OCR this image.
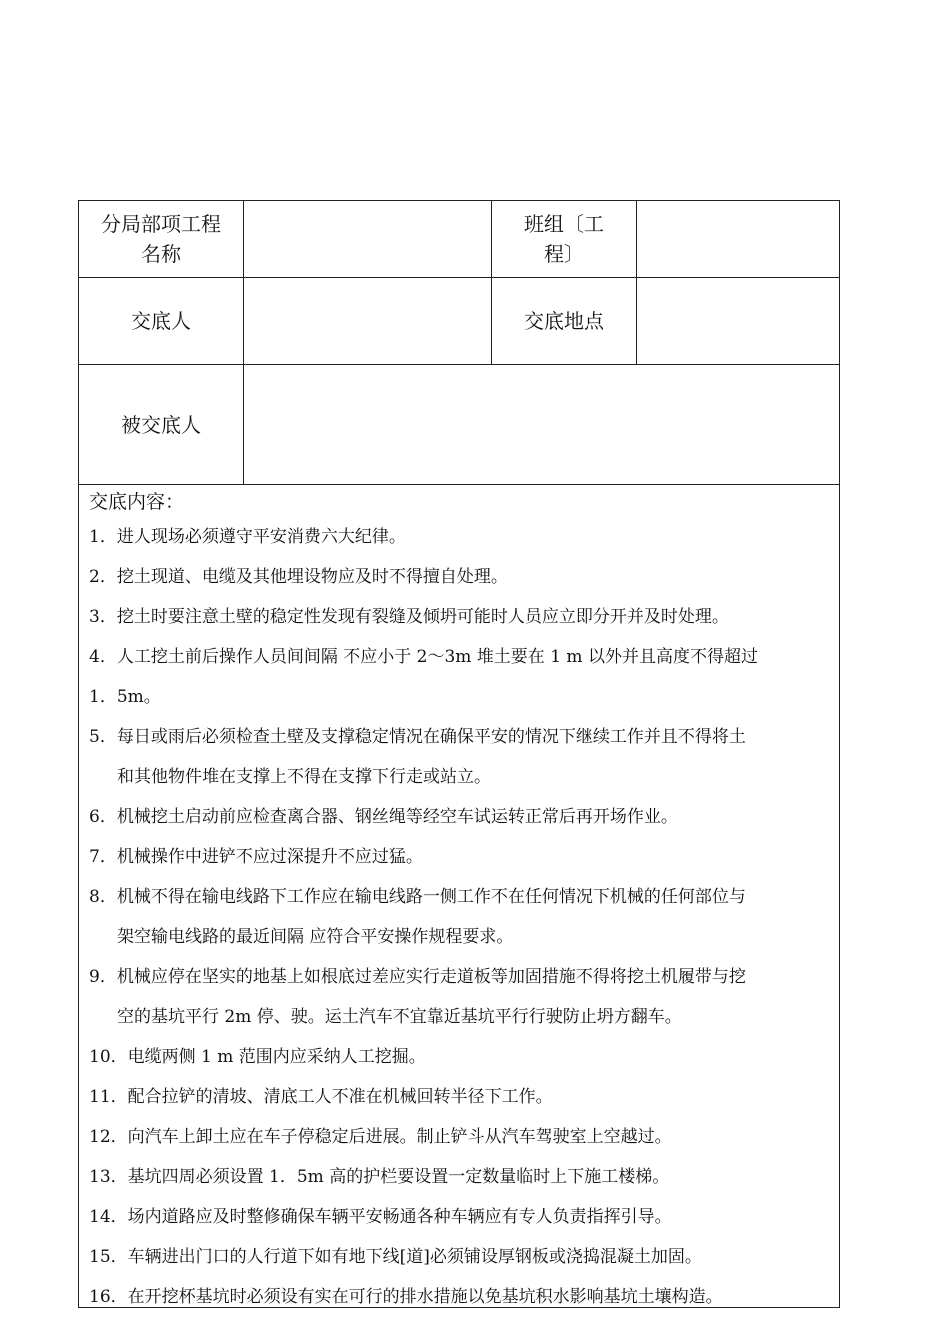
分局部项工程
名称
班组〔工
程〕
交底人	交底地点
被交底人
交底内容：
1．进人现场必须遵守平安消费六大纪律。
2．挖土现道、电缆及其他埋设物应及时不得擅自处理。
3．挖土时要注意土壁的稳定性发现有裂缝及倾坍可能时人员应立即分开并及时处理。
4．人工挖土前后操作人员间间隔 不应小于 2～3m 堆土要在 1 m 以外并且高度不得超过
1．5m。
5．每日或雨后必须检查土壁及支撑稳定情况在确保平安的情况下继续工作并且不得将土
和其他物件堆在支撑上不得在支撑下行走或站立。
6．机械挖土启动前应检查离合器、钢丝绳等经空车试运转正常后再开场作业。
7．机械操作中进铲不应过深提升不应过猛。
8．机械不得在输电线路下工作应在输电线路一侧工作不在任何情况下机械的任何部位与
架空输电线路的最近间隔 应符合平安操作规程要求。
9．机械应停在坚实的地基上如根底过差应实行走道板等加固措施不得将挖土机履带与挖
空的基坑平行 2m 停、驶。运土汽车不宜靠近基坑平行行驶防止坍方翻车。
10．电缆两侧 1 m 范围内应采纳人工挖掘。
11．配合拉铲的清坡、清底工人不准在机械回转半径下工作。
12．向汽车上卸土应在车子停稳定后进展。制止铲斗从汽车驾驶室上空越过。
13．基坑四周必须设置 1．5m 高的护栏要设置一定数量临时上下施工楼梯。
14．场内道路应及时整修确保车辆平安畅通各种车辆应有专人负责指挥引导。
15．车辆进出门口的人行道下如有地下线[道]必须铺设厚钢板或浇捣混凝土加固。
16．在开挖杯基坑时必须设有实在可行的排水措施以免基坑积水影响基坑土壤构造。
